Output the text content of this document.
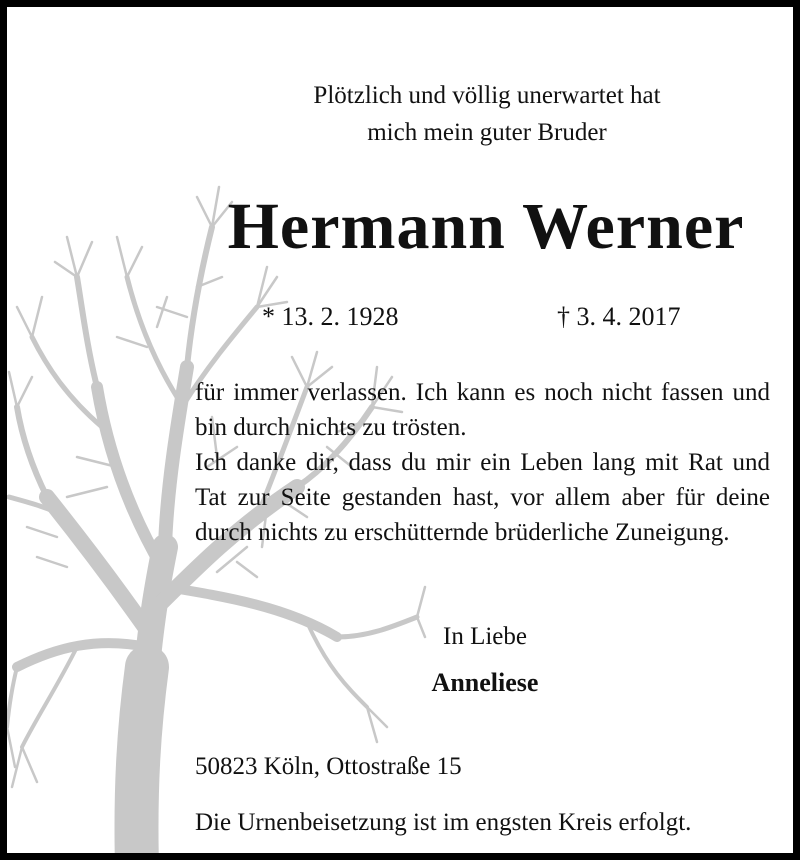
Plötzlich und völlig unerwartet hat
mich mein guter Bruder
Hermann Werner
* 13. 2. 1928	† 3. 4. 2017
für immer verlassen. Ich kann es noch nicht fassen und bin durch nichts zu trösten.
Ich danke dir, dass du mir ein Leben lang mit Rat und Tat zur Seite gestanden hast, vor allem aber für deine durch nichts zu erschütternde brüderliche Zuneigung.
In Liebe
Anneliese
50823 Köln, Ottostraße 15
Die Urnenbeisetzung ist im engsten Kreis erfolgt.
